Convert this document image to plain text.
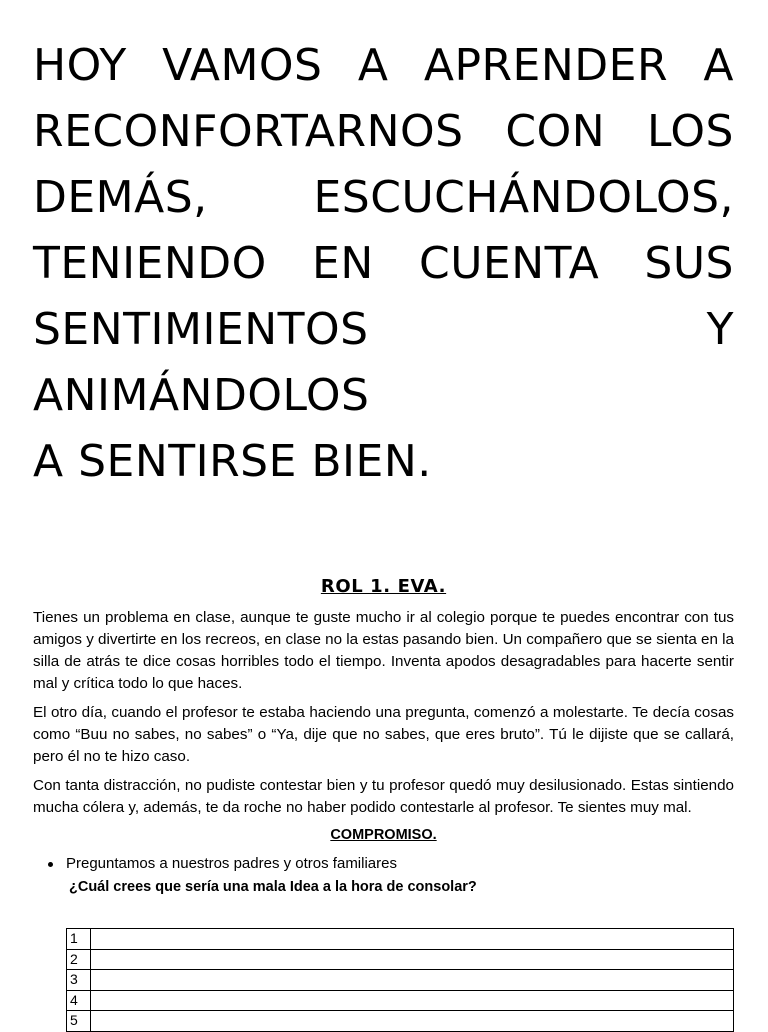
HOY VAMOS A APRENDER A
RECONFORTARNOS CON LOS
DEMÁS, ESCUCHÁNDOLOS,
TENIENDO EN CUENTA SUS
SENTIMIENTOS Y ANIMÁNDOLOS
A SENTIRSE BIEN.
ROL 1. EVA.

Tienes un problema en clase, aunque te guste mucho ir al colegio porque te puedes encontrar con tus amigos y divertirte en los recreos, en clase no la estas pasando bien. Un compañero que se sienta en la silla de atrás te dice cosas horribles todo el tiempo. Inventa apodos desagradables para hacerte sentir mal y crítica todo lo que haces.

El otro día, cuando el profesor te estaba haciendo una pregunta, comenzó a molestarte. Te decía cosas como “Buu no sabes, no sabes” o “Ya, dije que no sabes, que eres bruto”. Tú le dijiste que se callará, pero él no te hizo caso.

Con tanta distracción, no pudiste contestar bien y tu profesor quedó muy desilusionado. Estas sintiendo mucha cólera y, además, te da roche no haber podido contestarle al profesor. Te sientes muy mal.

COMPROMISO.
Preguntamos a nuestros padres y otros familiares

¿Cuál crees que sería una mala Idea a la hora de consolar?

1	
2	
3	
4	
5	
